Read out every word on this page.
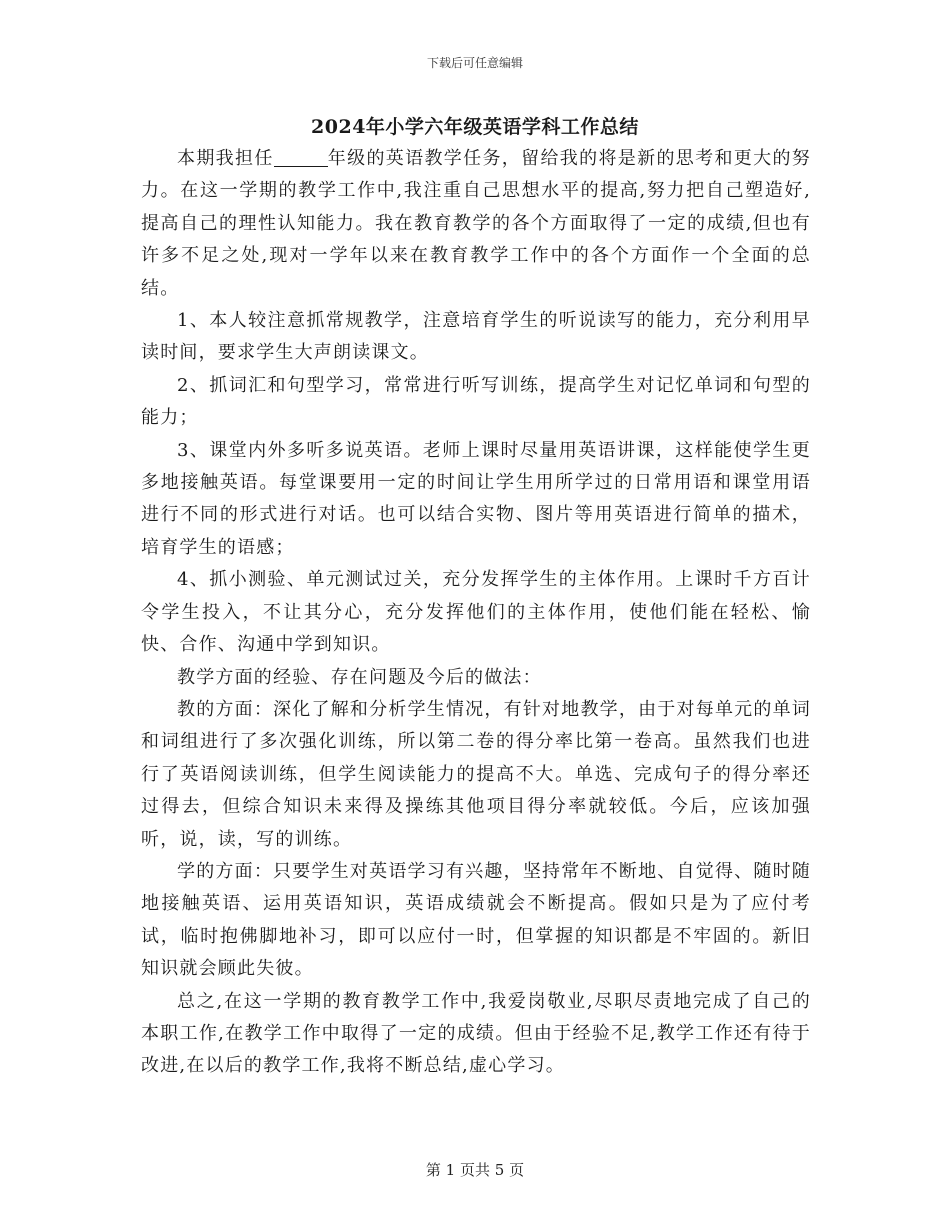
下载后可任意编辑
2024年小学六年级英语学科工作总结

本期我担任	年级的英语教学任务，留给我的将是新的思考和更大的努力。在这一学期的教学工作中,我注重自己思想水平的提高,努力把自己塑造好,提高自己的理性认知能力。我在教育教学的各个方面取得了一定的成绩,但也有许多不足之处,现对一学年以来在教育教学工作中的各个方面作一个全面的总结。

1、本人较注意抓常规教学，注意培育学生的听说读写的能力，充分利用早读时间，要求学生大声朗读课文。

2、抓词汇和句型学习，常常进行听写训练，提高学生对记忆单词和句型的能力；

3、课堂内外多听多说英语。老师上课时尽量用英语讲课，这样能使学生更多地接触英语。每堂课要用一定的时间让学生用所学过的日常用语和课堂用语进行不同的形式进行对话。也可以结合实物、图片等用英语进行简单的描术，培育学生的语感；

4、抓小测验、单元测试过关，充分发挥学生的主体作用。上课时千方百计令学生投入，不让其分心，充分发挥他们的主体作用，使他们能在轻松、愉快、合作、沟通中学到知识。

教学方面的经验、存在问题及今后的做法：

教的方面：深化了解和分析学生情况，有针对地教学，由于对每单元的单词和词组进行了多次强化训练，所以第二卷的得分率比第一卷高。虽然我们也进行了英语阅读训练，但学生阅读能力的提高不大。单选、完成句子的得分率还过得去，但综合知识未来得及操练其他项目得分率就较低。今后，应该加强听，说，读，写的训练。

学的方面：只要学生对英语学习有兴趣，坚持常年不断地、自觉得、随时随地接触英语、运用英语知识，英语成绩就会不断提高。假如只是为了应付考试，临时抱佛脚地补习，即可以应付一时，但掌握的知识都是不牢固的。新旧知识就会顾此失彼。

总之,在这一学期的教育教学工作中,我爱岗敬业,尽职尽责地完成了自己的本职工作,在教学工作中取得了一定的成绩。但由于经验不足,教学工作还有待于改进,在以后的教学工作,我将不断总结,虚心学习。

第 1 页共 5 页
